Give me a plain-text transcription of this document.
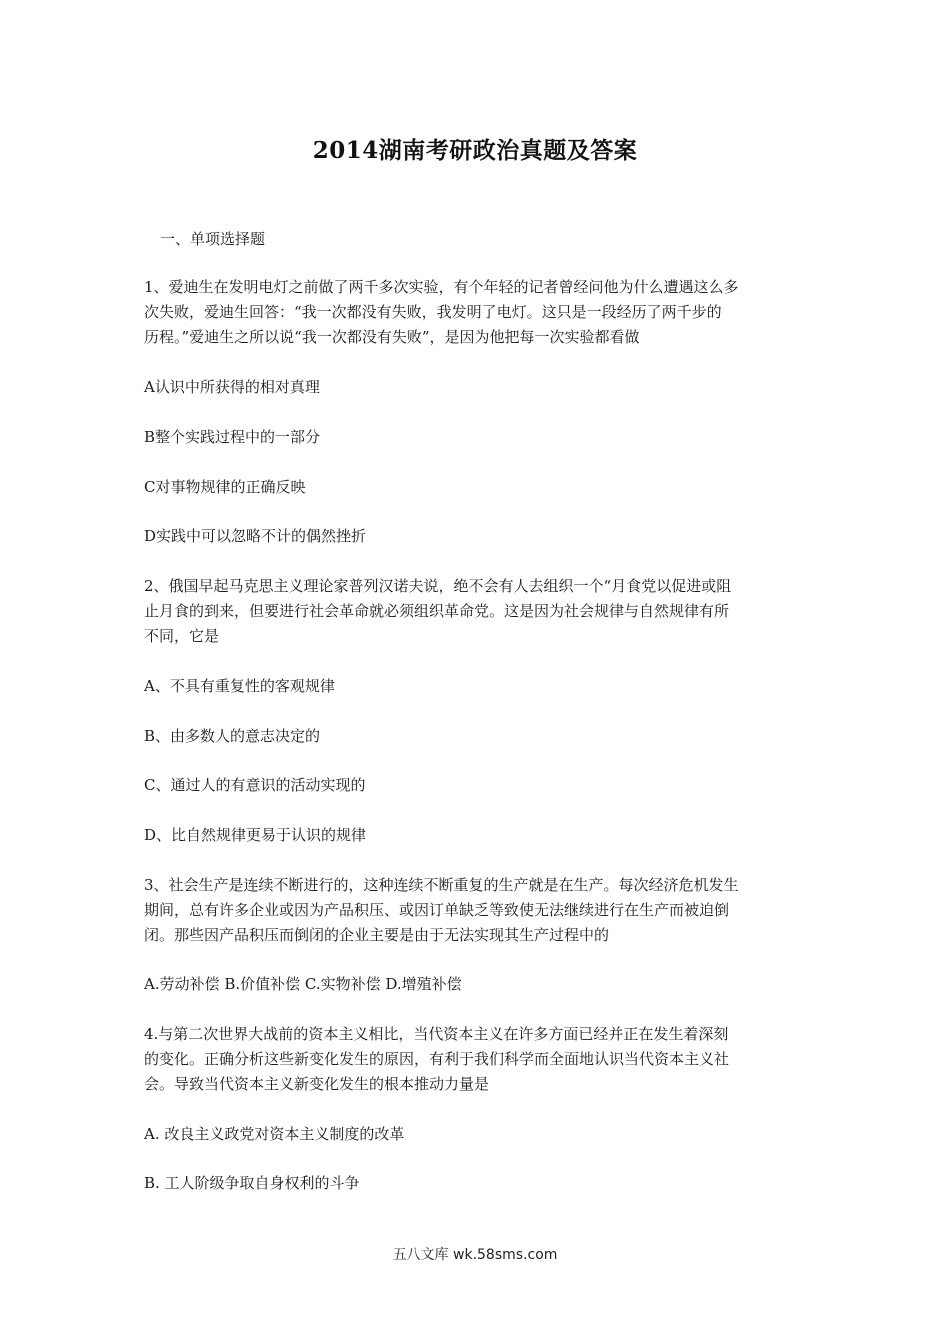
2014湖南考研政治真题及答案
一、单项选择题
1、爱迪生在发明电灯之前做了两千多次实验，有个年轻的记者曾经问他为什么遭遇这么多
次失败，爱迪生回答：“我一次都没有失败，我发明了电灯。这只是一段经历了两千步的
历程。”爱迪生之所以说“我一次都没有失败”，是因为他把每一次实验都看做
A认识中所获得的相对真理
B整个实践过程中的一部分
C对事物规律的正确反映
D实践中可以忽略不计的偶然挫折
2、俄国早起马克思主义理论家普列汉诺夫说，绝不会有人去组织一个“月食党以促进或阻
止月食的到来，但要进行社会革命就必须组织革命党。这是因为社会规律与自然规律有所
不同，它是
A、不具有重复性的客观规律
B、由多数人的意志决定的
C、通过人的有意识的活动实现的
D、比自然规律更易于认识的规律
3、社会生产是连续不断进行的，这种连续不断重复的生产就是在生产。每次经济危机发生
期间，总有许多企业或因为产品积压、或因订单缺乏等致使无法继续进行在生产而被迫倒
闭。那些因产品积压而倒闭的企业主要是由于无法实现其生产过程中的
A.劳动补偿 B.价值补偿 C.实物补偿 D.增殖补偿
4.与第二次世界大战前的资本主义相比，当代资本主义在许多方面已经并正在发生着深刻
的变化。正确分析这些新变化发生的原因，有利于我们科学而全面地认识当代资本主义社
会。导致当代资本主义新变化发生的根本推动力量是
A. 改良主义政党对资本主义制度的改革
B. 工人阶级争取自身权利的斗争
五八文库 wk.58sms.com
